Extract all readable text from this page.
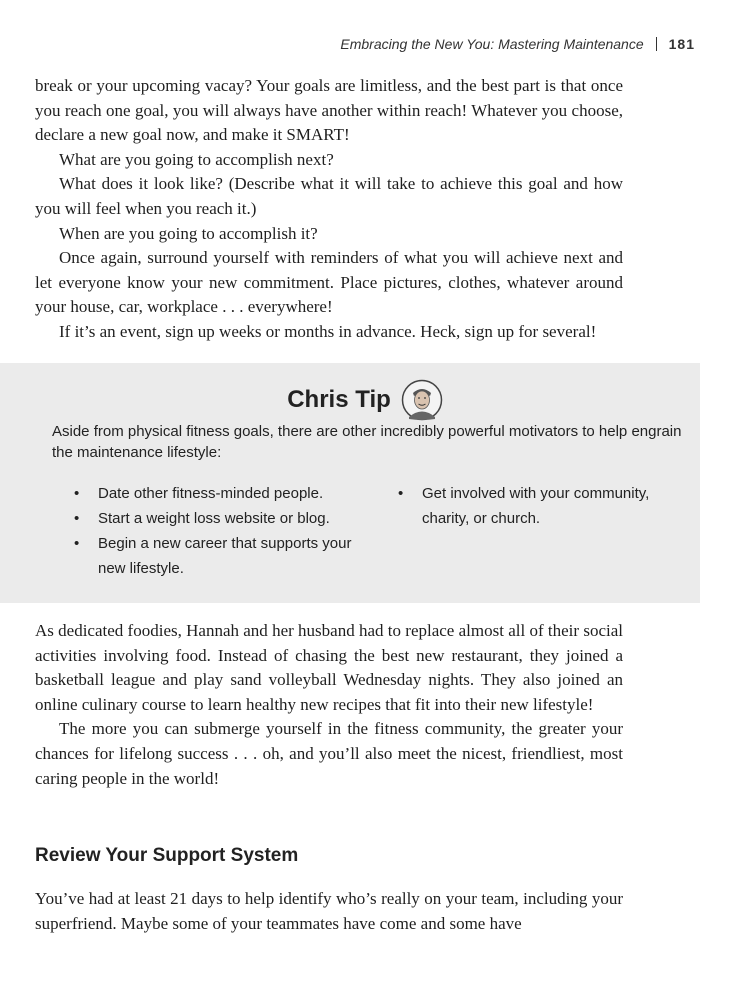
Embracing the New You: Mastering Maintenance 181

break or your upcoming vacay? Your goals are limitless, and the best part is that once you reach one goal, you will always have another within reach! Whatever you choose, declare a new goal now, and make it SMART!

What are you going to accomplish next?

What does it look like? (Describe what it will take to achieve this goal and how you will feel when you reach it.)

When are you going to accomplish it?

Once again, surround yourself with reminders of what you will achieve next and let everyone know your new commitment. Place pictures, clothes, whatever around your house, car, workplace . . . everywhere!

If it’s an event, sign up weeks or months in advance. Heck, sign up for several!

Chris Tip
Aside from physical fitness goals, there are other incredibly powerful motivators to help engrain the maintenance lifestyle:
• Date other fitness-minded people.
• Start a weight loss website or blog.
• Begin a new career that supports your new lifestyle.
• Get involved with your community, charity, or church.

As dedicated foodies, Hannah and her husband had to replace almost all of their social activities involving food. Instead of chasing the best new restaurant, they joined a basketball league and play sand volleyball Wednesday nights. They also joined an online culinary course to learn healthy new recipes that fit into their new lifestyle!

The more you can submerge yourself in the fitness community, the greater your chances for lifelong success . . . oh, and you’ll also meet the nicest, friendliest, most caring people in the world!

Review Your Support System

You’ve had at least 21 days to help identify who’s really on your team, including your superfriend. Maybe some of your teammates have come and some have
